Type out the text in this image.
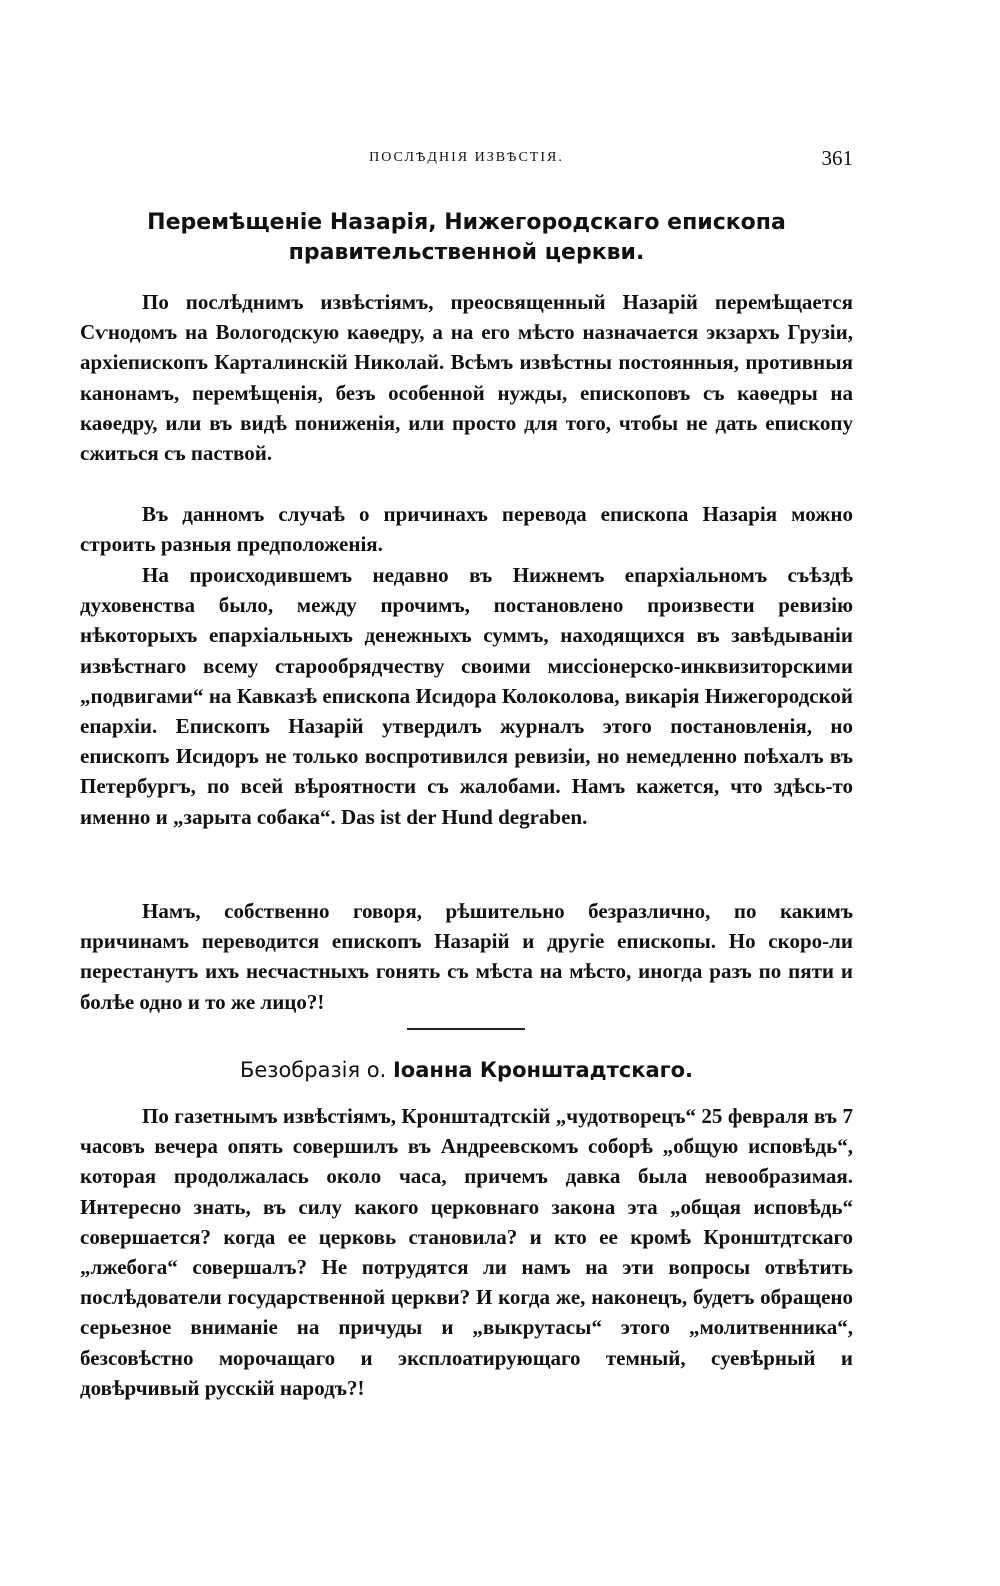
ПОСЛѢДНІЯ ИЗВѢСТІЯ.	361
Перемѣщеніе Назарія, Нижегородскаго епископа правительственной церкви.

По послѣднимъ извѣстіямъ, преосвященный Назарій перемѣщается Сѵнодомъ на Вологодскую каѳедру, а на его мѣсто назначается экзархъ Грузіи, архіепископъ Карталинскій Николай. Всѣмъ извѣстны постоянныя, противныя канонамъ, перемѣщенія, безъ особенной нужды, епископовъ съ каѳедры на каѳедру, или въ видѣ пониженія, или просто для того, чтобы не дать епископу сжиться съ паствой.

Въ данномъ случаѣ о причинахъ перевода епископа Назарія можно строить разныя предположенія.

На происходившемъ недавно въ Нижнемъ епархіальномъ съѣздѣ духовенства было, между прочимъ, постановлено произвести ревизію нѣкоторыхъ епархіальныхъ денежныхъ суммъ, находящихся въ завѣдываніи извѣстнаго всему старообрядчеству своими миссіонерско-инквизиторскими „подвигами“ на Кавказѣ епископа Исидора Колоколова, викарія Нижегородской епархіи. Епископъ Назарій утвердилъ журналъ этого постановленія, но епископъ Исидоръ не только воспротивился ревизіи, но немедленно поѣхалъ въ Петербургъ, по всей вѣроятности съ жалобами. Намъ кажется, что здѣсь-то именно и „зарыта собака“. Das ist der Hund degraben.

Намъ, собственно говоря, рѣшительно безразлично, по какимъ причинамъ переводится епископъ Назарій и другіе епископы. Но скоро-ли перестанутъ ихъ несчастныхъ гонять съ мѣста на мѣсто, иногда разъ по пяти и болѣе одно и то же лицо?!

Безобразія о. Іоанна Кронштадтскаго.

По газетнымъ извѣстіямъ, Кронштадтскій „чудотворецъ“ 25 февраля въ 7 часовъ вечера опять совершилъ въ Андреевскомъ соборѣ „общую исповѣдь“, которая продолжалась около часа, причемъ давка была невообразимая. Интересно знать, въ силу какого церковнаго закона эта „общая исповѣдь“ совершается? когда ее церковь становила? и кто ее кромѣ Кронштдтскаго „лжебога“ совершалъ? Не потрудятся ли намъ на эти вопросы отвѣтить послѣдователи государственной церкви? И когда же, наконецъ, будетъ обращено серьезное вниманіе на причуды и „выкрутасы“ этого „молитвенника“, безсовѣстно морочащаго и эксплоатирующаго темный, суевѣрный и довѣрчивый русскій народъ?!
